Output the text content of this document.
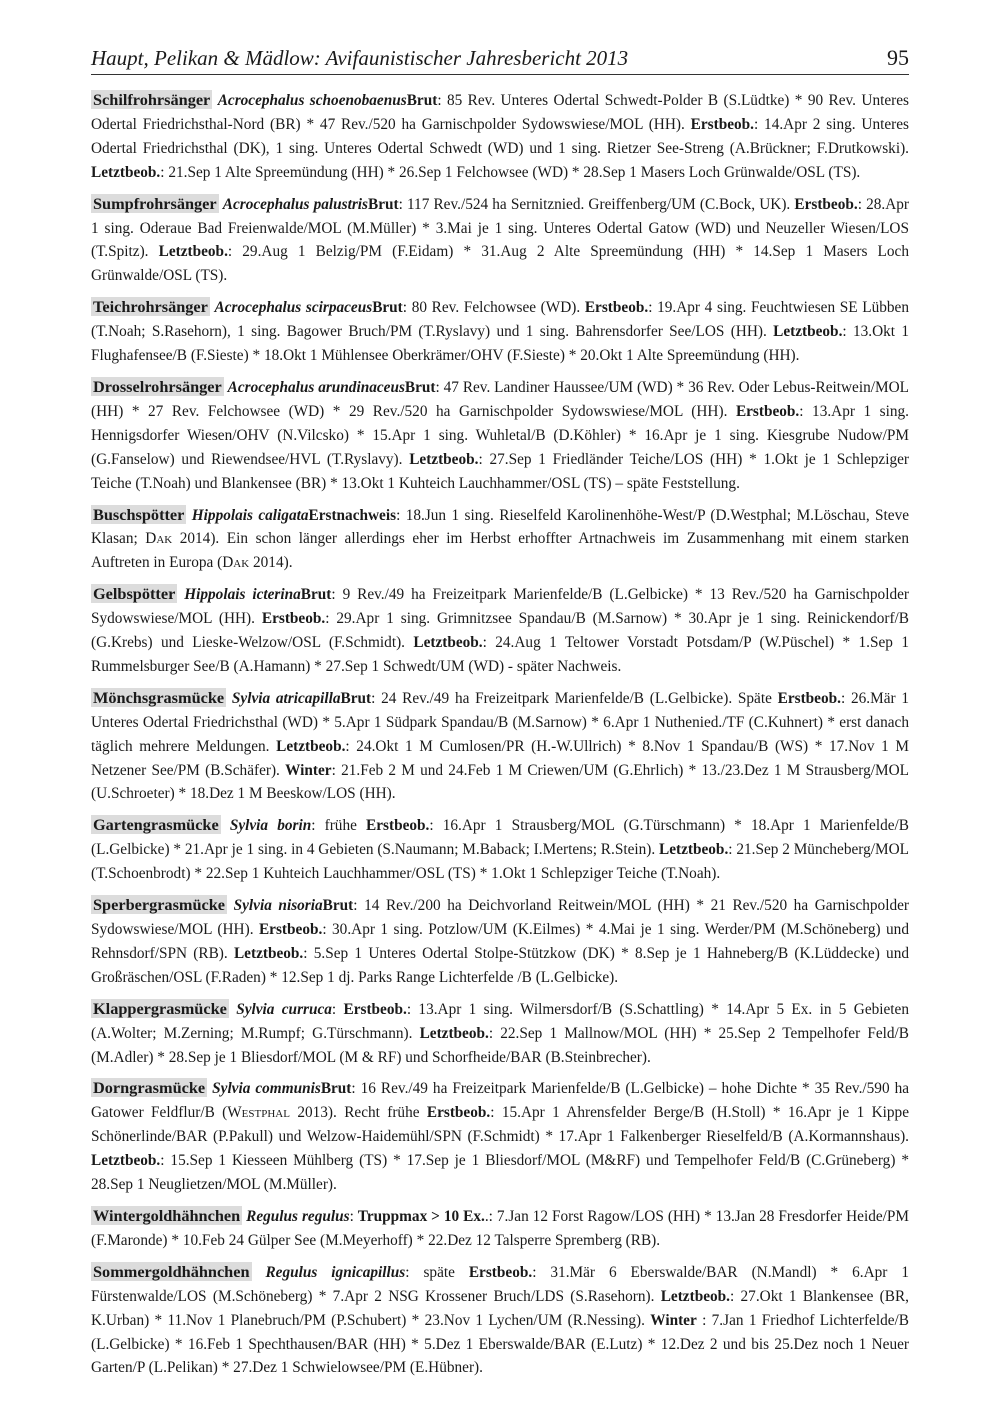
Haupt, Pelikan & Mädlow: Avifaunistischer Jahresbericht 2013	95

Schilfrohrsänger Acrocephalus schoenobaenusBrut: 85 Rev. Unteres Odertal Schwedt-Polder B (S.Lüdtke) * 90 Rev. Unteres Odertal Friedrichsthal-Nord (BR) * 47 Rev./520 ha Garnischpolder Sydowswiese/MOL (HH). Erstbeob.: 14.Apr 2 sing. Unteres Odertal Friedrichsthal (DK), 1 sing. Unteres Odertal Schwedt (WD) und 1 sing. Rietzer See-Streng (A.Brückner; F.Drutkowski). Letztbeob.: 21.Sep 1 Alte Spreemündung (HH) * 26.Sep 1 Felchowsee (WD) * 28.Sep 1 Masers Loch Grünwalde/OSL (TS).

Sumpfrohrsänger Acrocephalus palustrisBrut: 117 Rev./524 ha Sernitznied. Greiffenberg/UM (C.Bock, UK). Erstbeob.: 28.Apr 1 sing. Oderaue Bad Freienwalde/MOL (M.Müller) * 3.Mai je 1 sing. Unteres Odertal Gatow (WD) und Neuzeller Wiesen/LOS (T.Spitz). Letztbeob.: 29.Aug 1 Belzig/PM (F.Eidam) * 31.Aug 2 Alte Spreemündung (HH) * 14.Sep 1 Masers Loch Grünwalde/OSL (TS).

Teichrohrsänger Acrocephalus scirpaceusBrut: 80 Rev. Felchowsee (WD). Erstbeob.: 19.Apr 4 sing. Feuchtwiesen SE Lübben (T.Noah; S.Rasehorn), 1 sing. Bagower Bruch/PM (T.Ryslavy) und 1 sing. Bahrensdorfer See/LOS (HH). Letztbeob.: 13.Okt 1 Flughafensee/B (F.Sieste) * 18.Okt 1 Mühlensee Oberkrämer/OHV (F.Sieste) * 20.Okt 1 Alte Spreemündung (HH).

Drosselrohrsänger Acrocephalus arundinaceusBrut: 47 Rev. Landiner Haussee/UM (WD) * 36 Rev. Oder Lebus-Reitwein/MOL (HH) * 27 Rev. Felchowsee (WD) * 29 Rev./520 ha Garnischpolder Sydowswiese/MOL (HH). Erstbeob.: 13.Apr 1 sing. Hennigsdorfer Wiesen/OHV (N.Vilcsko) * 15.Apr 1 sing. Wuhletal/B (D.Köhler) * 16.Apr je 1 sing. Kiesgrube Nudow/PM (G.Fanselow) und Riewendsee/HVL (T.Ryslavy). Letztbeob.: 27.Sep 1 Friedländer Teiche/LOS (HH) * 1.Okt je 1 Schlepziger Teiche (T.Noah) und Blankensee (BR) * 13.Okt 1 Kuhteich Lauchhammer/OSL (TS) – späte Feststellung.

Buschspötter Hippolais caligataErstnachweis: 18.Jun 1 sing. Rieselfeld Karolinenhöhe-West/P (D.Westphal; M.Löschau, Steve Klasan; Dak 2014). Ein schon länger allerdings eher im Herbst erhoffter Artnachweis im Zusammenhang mit einem starken Auftreten in Europa (Dak 2014).

Gelbspötter Hippolais icterinaBrut: 9 Rev./49 ha Freizeitpark Marienfelde/B (L.Gelbicke) * 13 Rev./520 ha Garnischpolder Sydowswiese/MOL (HH). Erstbeob.: 29.Apr 1 sing. Grimnitzsee Spandau/B (M.Sarnow) * 30.Apr je 1 sing. Reinickendorf/B (G.Krebs) und Lieske-Welzow/OSL (F.Schmidt). Letztbeob.: 24.Aug 1 Teltower Vorstadt Potsdam/P (W.Püschel) * 1.Sep 1 Rummelsburger See/B (A.Hamann) * 27.Sep 1 Schwedt/UM (WD) - später Nachweis.

Mönchsgrasmücke Sylvia atricapillaBrut: 24 Rev./49 ha Freizeitpark Marienfelde/B (L.Gelbicke). Späte Erstbeob.: 26.Mär 1 Unteres Odertal Friedrichsthal (WD) * 5.Apr 1 Südpark Spandau/B (M.Sarnow) * 6.Apr 1 Nuthenied./TF (C.Kuhnert) * erst danach täglich mehrere Meldungen. Letztbeob.: 24.Okt 1 M Cumlosen/PR (H.-W.Ullrich) * 8.Nov 1 Spandau/B (WS) * 17.Nov 1 M Netzener See/PM (B.Schäfer). Winter: 21.Feb 2 M und 24.Feb 1 M Criewen/UM (G.Ehrlich) * 13./23.Dez 1 M Strausberg/MOL (U.Schroeter) * 18.Dez 1 M Beeskow/LOS (HH).

Gartengrasmücke Sylvia borin: frühe Erstbeob.: 16.Apr 1 Strausberg/MOL (G.Türschmann) * 18.Apr 1 Marienfelde/B (L.Gelbicke) * 21.Apr je 1 sing. in 4 Gebieten (S.Naumann; M.Baback; I.Mertens; R.Stein). Letztbeob.: 21.Sep 2 Müncheberg/MOL (T.Schoenbrodt) * 22.Sep 1 Kuhteich Lauchhammer/OSL (TS) * 1.Okt 1 Schlepziger Teiche (T.Noah).

Sperbergrasmücke Sylvia nisoriaBrut: 14 Rev./200 ha Deichvorland Reitwein/MOL (HH) * 21 Rev./520 ha Garnischpolder Sydowswiese/MOL (HH). Erstbeob.: 30.Apr 1 sing. Potzlow/UM (K.Eilmes) * 4.Mai je 1 sing. Werder/PM (M.Schöneberg) und Rehnsdorf/SPN (RB). Letztbeob.: 5.Sep 1 Unteres Odertal Stolpe-Stützkow (DK) * 8.Sep je 1 Hahneberg/B (K.Lüddecke) und Großräschen/OSL (F.Raden) * 12.Sep 1 dj. Parks Range Lichterfelde /B (L.Gelbicke).

Klappergrasmücke Sylvia curruca: Erstbeob.: 13.Apr 1 sing. Wilmersdorf/B (S.Schattling) * 14.Apr 5 Ex. in 5 Gebieten (A.Wolter; M.Zerning; M.Rumpf; G.Türschmann). Letztbeob.: 22.Sep 1 Mallnow/MOL (HH) * 25.Sep 2 Tempelhofer Feld/B (M.Adler) * 28.Sep je 1 Bliesdorf/MOL (M & RF) und Schorfheide/BAR (B.Steinbrecher).

Dorngrasmücke Sylvia communisBrut: 16 Rev./49 ha Freizeitpark Marienfelde/B (L.Gelbicke) – hohe Dichte * 35 Rev./590 ha Gatower Feldflur/B (Westphal 2013). Recht frühe Erstbeob.: 15.Apr 1 Ahrensfelder Berge/B (H.Stoll) * 16.Apr je 1 Kippe Schönerlinde/BAR (P.Pakull) und Welzow-Haidemühl/SPN (F.Schmidt) * 17.Apr 1 Falkenberger Rieselfeld/B (A.Kormannshaus). Letztbeob.: 15.Sep 1 Kiesseen Mühlberg (TS) * 17.Sep je 1 Bliesdorf/MOL (M&RF) und Tempelhofer Feld/B (C.Grüneberg) * 28.Sep 1 Neuglietzen/MOL (M.Müller).

Wintergoldhähnchen Regulus regulus: Truppmax > 10 Ex..: 7.Jan 12 Forst Ragow/LOS (HH) * 13.Jan 28 Fresdorfer Heide/PM (F.Maronde) * 10.Feb 24 Gülper See (M.Meyerhoff) * 22.Dez 12 Talsperre Spremberg (RB).

Sommergoldhähnchen Regulus ignicapillus: späte Erstbeob.: 31.Mär 6 Eberswalde/BAR (N.Mandl) * 6.Apr 1 Fürstenwalde/LOS (M.Schöneberg) * 7.Apr 2 NSG Krossener Bruch/LDS (S.Rasehorn). Letztbeob.: 27.Okt 1 Blankensee (BR, K.Urban) * 11.Nov 1 Planebruch/PM (P.Schubert) * 23.Nov 1 Lychen/UM (R.Nessing). Winter : 7.Jan 1 Friedhof Lichterfelde/B (L.Gelbicke) * 16.Feb 1 Spechthausen/BAR (HH) * 5.Dez 1 Eberswalde/BAR (E.Lutz) * 12.Dez 2 und bis 25.Dez noch 1 Neuer Garten/P (L.Pelikan) * 27.Dez 1 Schwielowsee/PM (E.Hübner).
